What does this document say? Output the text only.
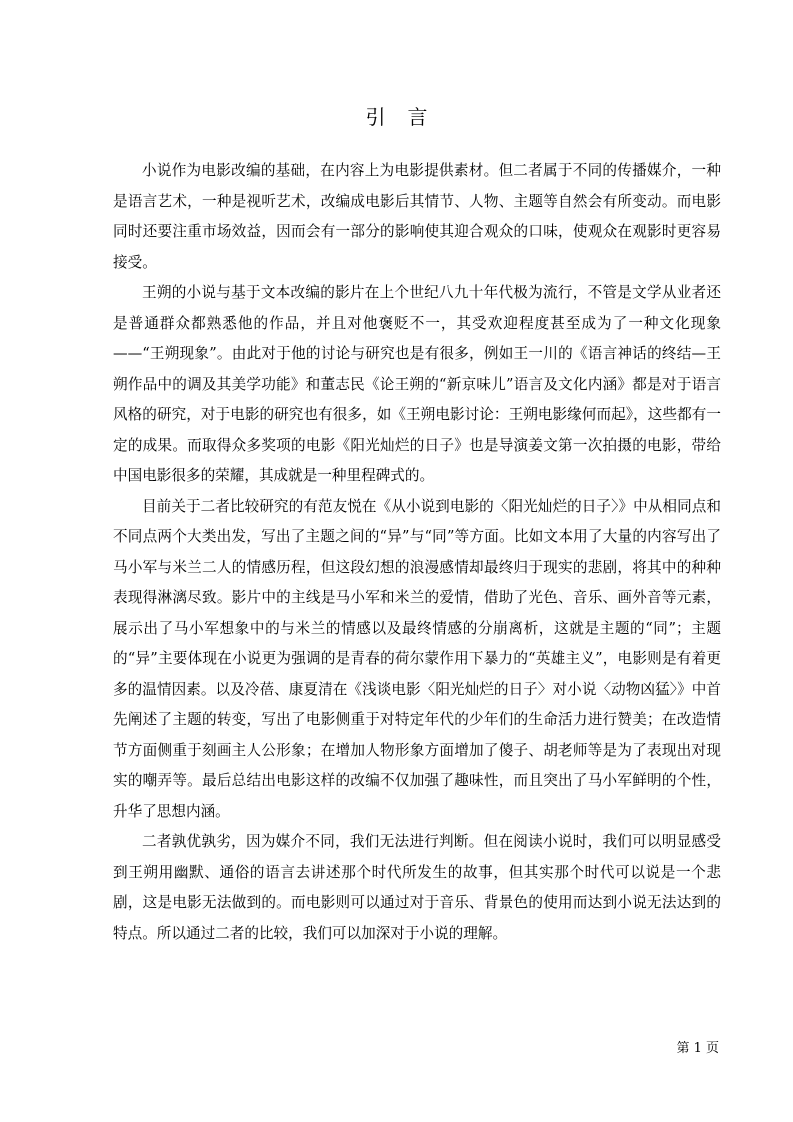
引言

小说作为电影改编的基础，在内容上为电影提供素材。但二者属于不同的传播媒介，一种是语言艺术，一种是视听艺术，改编成电影后其情节、人物、主题等自然会有所变动。而电影同时还要注重市场效益，因而会有一部分的影响使其迎合观众的口味，使观众在观影时更容易接受。

王朔的小说与基于文本改编的影片在上个世纪八九十年代极为流行，不管是文学从业者还是普通群众都熟悉他的作品，并且对他褒贬不一，其受欢迎程度甚至成为了一种文化现象——“王朔现象”。由此对于他的讨论与研究也是有很多，例如王一川的《语言神话的终结—王朔作品中的调及其美学功能》和董志民《论王朔的“新京味儿”语言及文化内涵》都是对于语言风格的研究，对于电影的研究也有很多，如《王朔电影讨论：王朔电影缘何而起》，这些都有一定的成果。而取得众多奖项的电影《阳光灿烂的日子》也是导演姜文第一次拍摄的电影，带给中国电影很多的荣耀，其成就是一种里程碑式的。

目前关于二者比较研究的有范友悦在《从小说到电影的〈阳光灿烂的日子〉》中从相同点和不同点两个大类出发，写出了主题之间的“异”与“同”等方面。比如文本用了大量的内容写出了马小军与米兰二人的情感历程，但这段幻想的浪漫感情却最终归于现实的悲剧，将其中的种种表现得淋漓尽致。影片中的主线是马小军和米兰的爱情，借助了光色、音乐、画外音等元素，展示出了马小军想象中的与米兰的情感以及最终情感的分崩离析，这就是主题的“同”；主题的“异”主要体现在小说更为强调的是青春的荷尔蒙作用下暴力的“英雄主义”，电影则是有着更多的温情因素。以及冷蓓、康夏清在《浅谈电影〈阳光灿烂的日子〉对小说〈动物凶猛〉》中首先阐述了主题的转变，写出了电影侧重于对特定年代的少年们的生命活力进行赞美；在改造情节方面侧重于刻画主人公形象；在增加人物形象方面增加了傻子、胡老师等是为了表现出对现实的嘲弄等。最后总结出电影这样的改编不仅加强了趣味性，而且突出了马小军鲜明的个性，升华了思想内涵。

二者孰优孰劣，因为媒介不同，我们无法进行判断。但在阅读小说时，我们可以明显感受到王朔用幽默、通俗的语言去讲述那个时代所发生的故事，但其实那个时代可以说是一个悲剧，这是电影无法做到的。而电影则可以通过对于音乐、背景色的使用而达到小说无法达到的特点。所以通过二者的比较，我们可以加深对于小说的理解。

第 1 页
